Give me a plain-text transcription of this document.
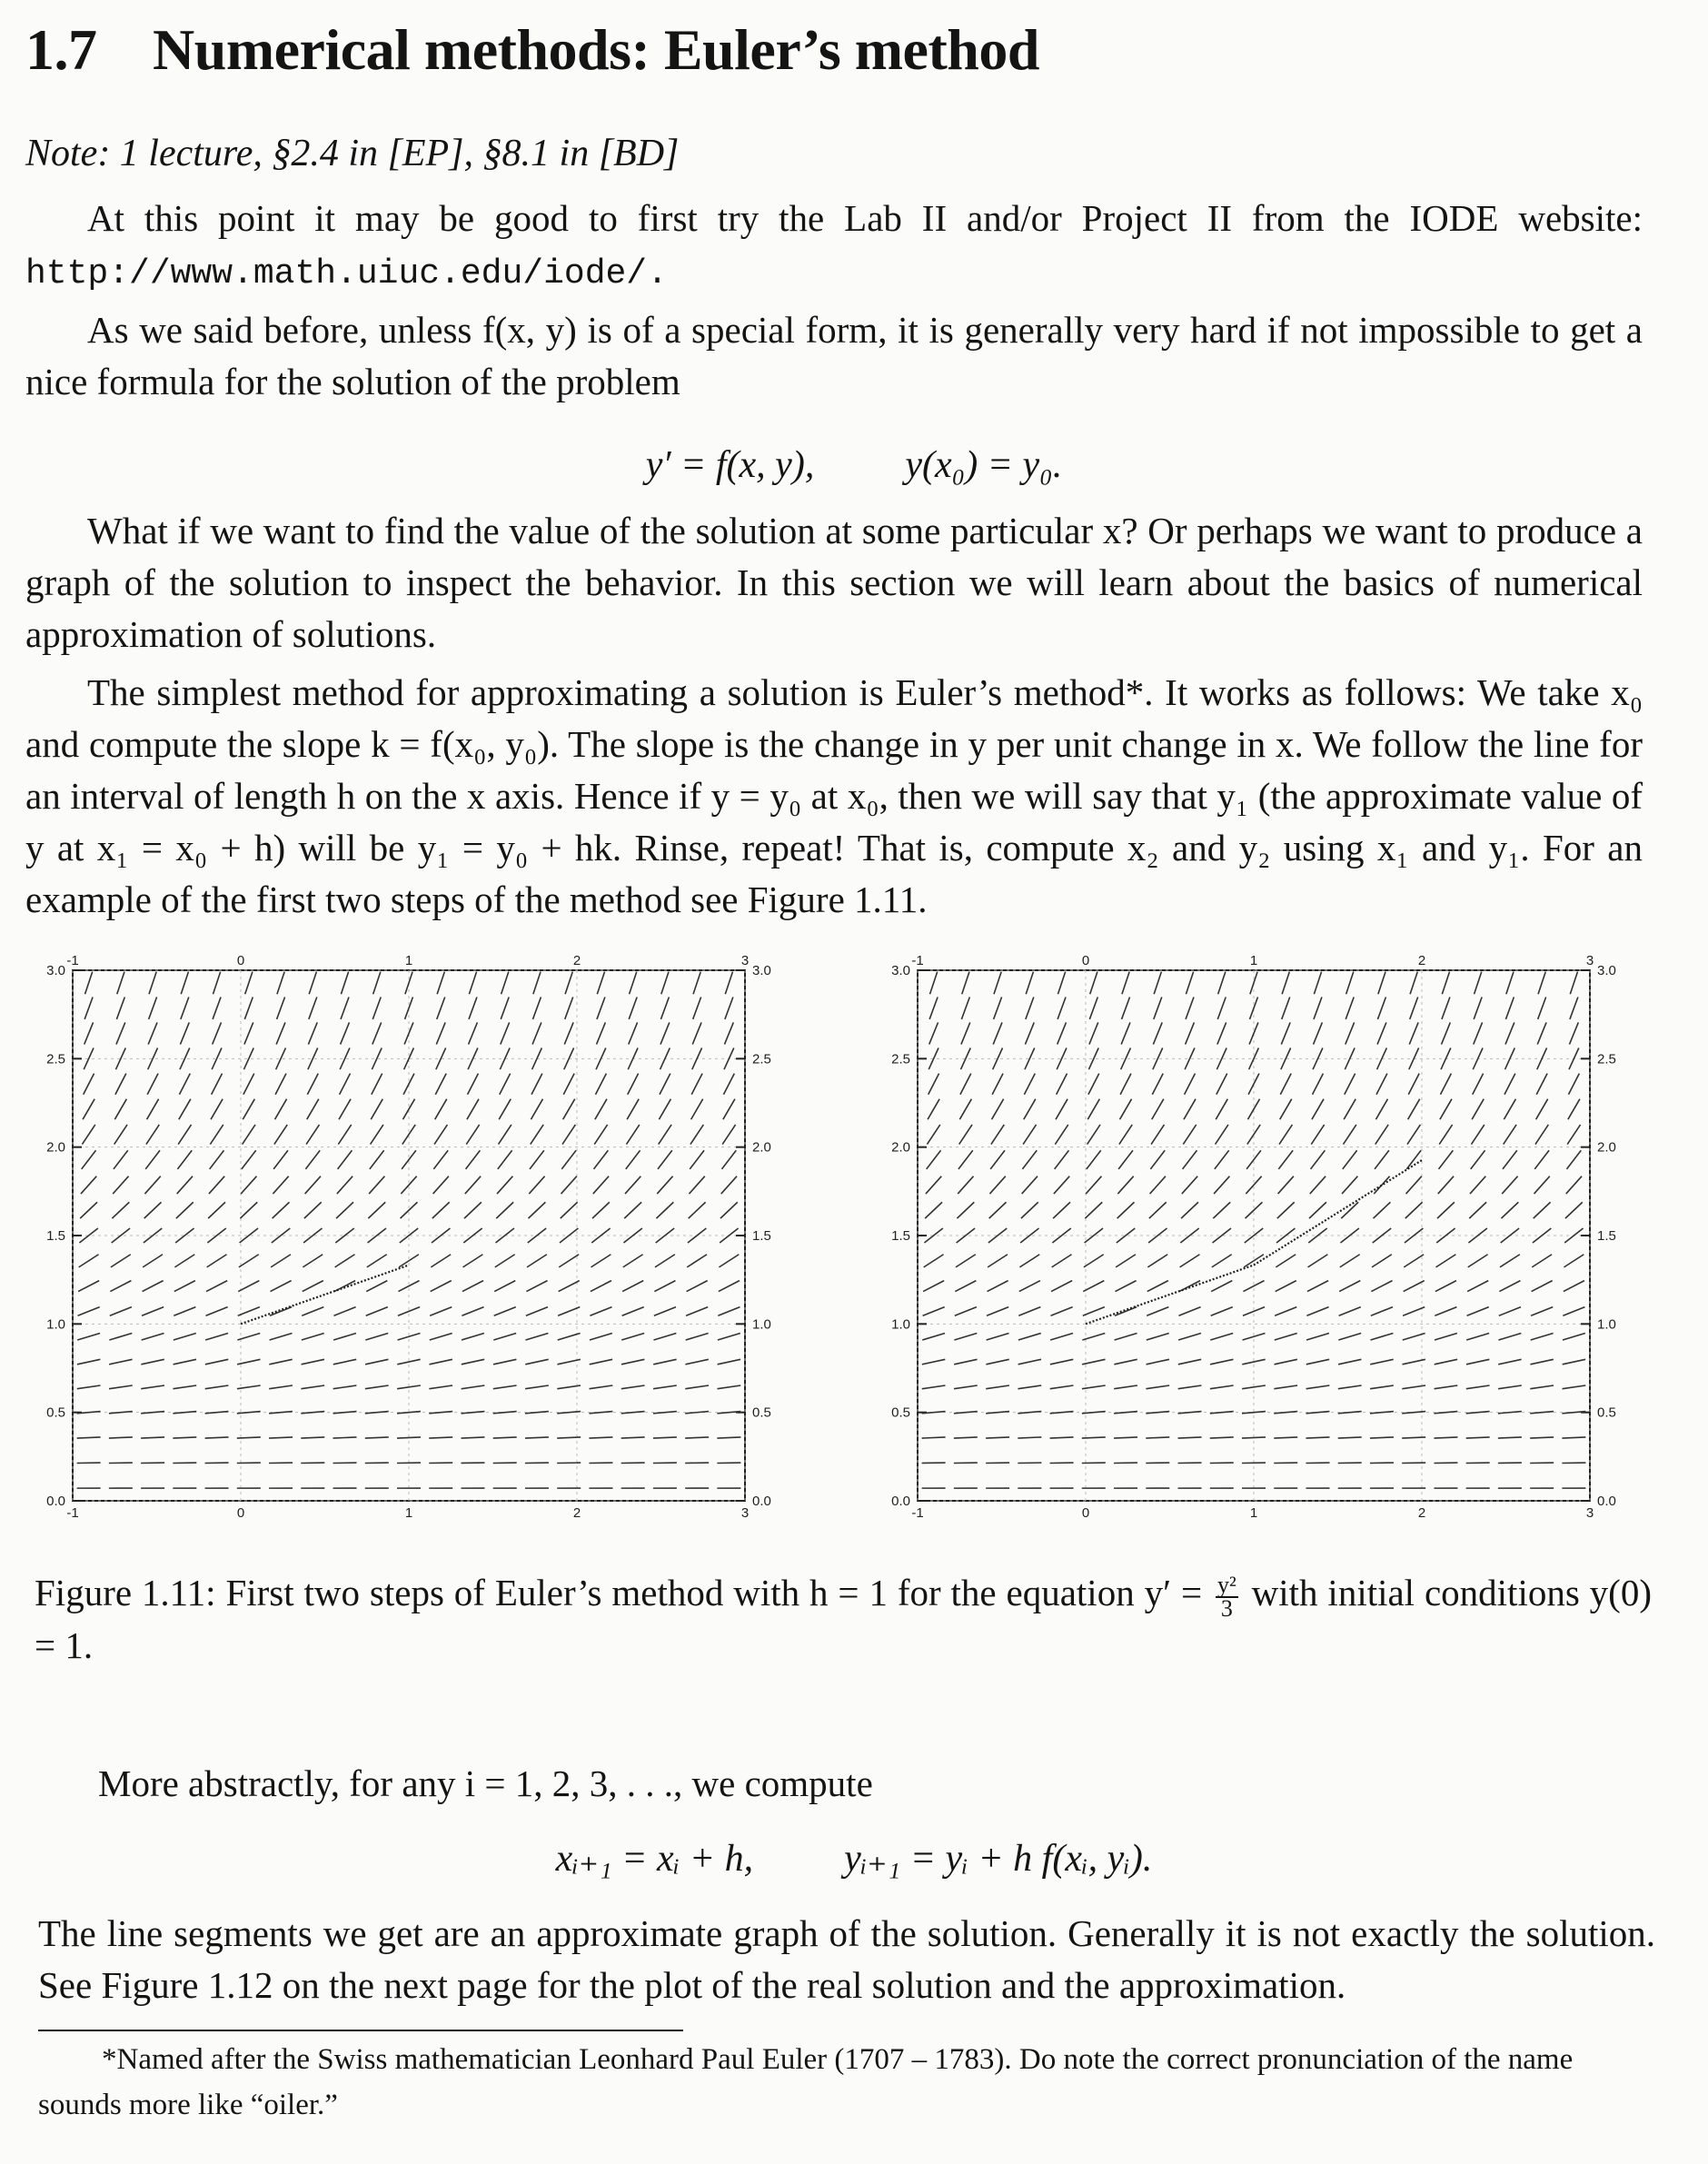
1.7 Numerical methods: Euler’s method
Note: 1 lecture, §2.4 in [EP], §8.1 in [BD]

At this point it may be good to first try the Lab II and/or Project II from the IODE website: http://www.math.uiuc.edu/iode/.

As we said before, unless f(x, y) is of a special form, it is generally very hard if not impossible to get a nice formula for the solution of the problem

y′ = f(x, y), y(x₀) = y₀.

What if we want to find the value of the solution at some particular x? Or perhaps we want to produce a graph of the solution to inspect the behavior. In this section we will learn about the basics of numerical approximation of solutions.

The simplest method for approximating a solution is Euler’s method*. It works as follows: We take x₀ and compute the slope k = f(x₀, y₀). The slope is the change in y per unit change in x. We follow the line for an interval of length h on the x axis. Hence if y = y₀ at x₀, then we will say that y₁ (the approximate value of y at x₁ = x₀ + h) will be y₁ = y₀ + hk. Rinse, repeat! That is, compute x₂ and y₂ using x₁ and y₁. For an example of the first two steps of the method see Figure 1.11.

-1
-1
0
0
1
1
2
2
3
3
0.0	0.0
0.5	0.5
1.0	1.0
1.5	1.5
2.0	2.0
2.5	2.5
3.0	3.0
-1
-1
0
0
1
1
2
2
3
3
0.0	0.0
0.5	0.5
1.0	1.0
1.5	1.5
2.0	2.0
2.5	2.5
3.0	3.0

Figure 1.11: First two steps of Euler’s method with h = 1 for the equation $y' = \frac{\text{y²}}{3}$ with initial conditions y(0) = 1.

More abstractly, for any i = 1, 2, 3, . . ., we compute

xᵢ₊₁ = xᵢ + h, yᵢ₊₁ = yᵢ + h f(xᵢ, yᵢ).

The line segments we get are an approximate graph of the solution. Generally it is not exactly the solution. See Figure 1.12 on the next page for the plot of the real solution and the approximation.

*Named after the Swiss mathematician Leonhard Paul Euler (1707 – 1783). Do note the correct pronunciation of the name sounds more like “oiler.”
